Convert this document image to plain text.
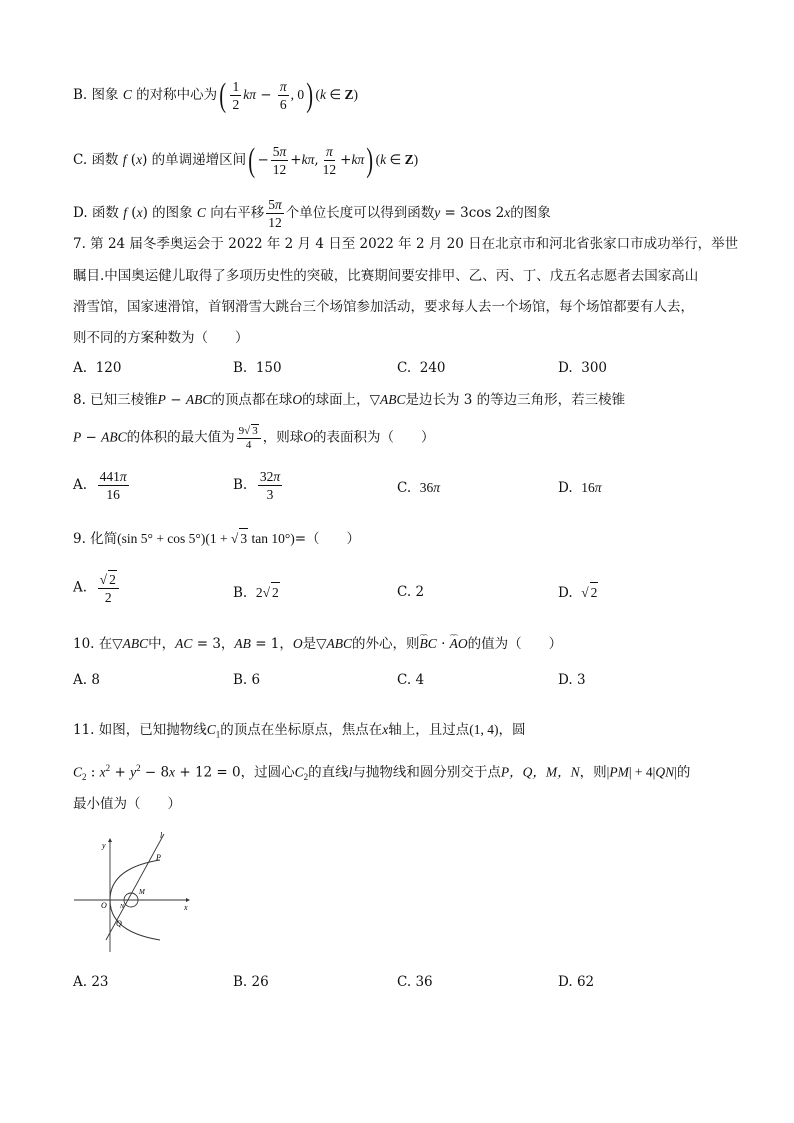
B. 图象 C 的对称中心为( $\frac{1}{2}$ $k\pi - \frac{\pi}{6}$ , 0) (k ∈ Z)
C. 函数 f (x) 的单调递增区间( − $\frac{5\pi}{12} +k\pi$, $\frac{\pi}{12} +k\pi$) (k ∈ Z)
D. 函数 f (x) 的图象 C 向右平移 $\frac{5\pi}{12}$ 个单位长度可以得到函数y = 3cos 2x的图象
7. 第 24 届冬季奥运会于 2022 年 2 月 4 日至 2022 年 2 月 20 日在北京市和河北省张家口市成功举行，举世
瞩目.中国奥运健儿取得了多项历史性的突破，比赛期间要安排甲、乙、丙、丁、戊五名志愿者去国家高山
滑雪馆，国家速滑馆，首钢滑雪大跳台三个场馆参加活动，要求每人去一个场馆，每个场馆都要有人去，
则不同的方案种数为（　　）
A. 120	B. 150	C. 240	D. 300
8. 已知三棱锥P − ABC的顶点都在球O的球面上，▽ABC是边长为 3 的等边三角形，若三棱锥
P − ABC的体积的最大值为 $\frac{9√ 3}{4}$ ，则球O的表面积为（　　）
A. $\frac{441\pi}{16}$	B. $\frac{32\pi}{3}$	C. 36π	D. 16π
9. 化简(sin 5° + cos 5°)(1 + √ 3 tan 10°)=（　　）
A. $\frac{√ 2}{2}$	B. 2√ 2	C. 2	D. √ 2
10. 在▽ABC中，AC = 3，AB = 1，O是▽ABC的外心，则⌢⌢ BC · ⌢⌢ AO的值为（　　）
A. 8	B. 6	C. 4	D. 3
11. 如图，已知抛物线$C_1$的顶点在坐标原点，焦点在x轴上，且过点(1, 4)，圆
$C_2$ : $x^2 + y^2 - 8x + 12 = 0$，过圆心$C_2$的直线l与抛物线和圆分别交于点P，Q，M，N，则|PM| + 4|QN|的
最小值为（　　）
y
x
O
P
M
Q
N
l
A. 23	B. 26	C. 36	D. 62
